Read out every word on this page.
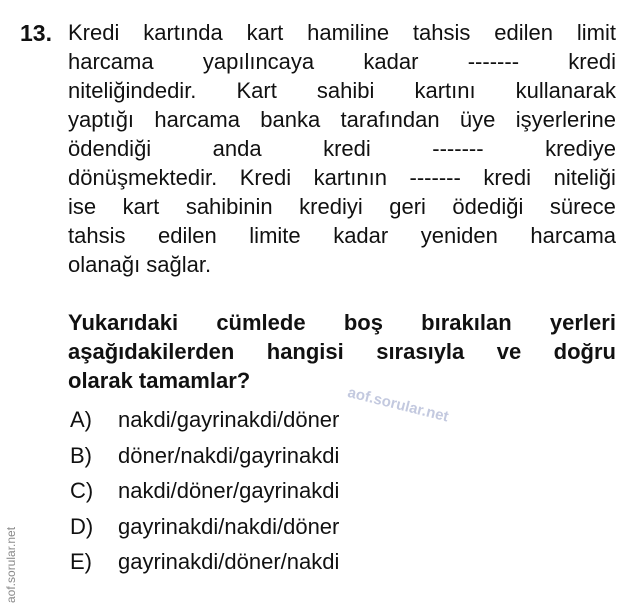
13. Kredi kartında kart hamiline tahsis edilen limit
harcama yapılıncaya kadar ------- kredi
niteliğindedir. Kart sahibi kartını kullanarak
yaptığı harcama banka tarafından üye işyerlerine
ödendiği	anda	kredi	-------	krediye
dönüşmektedir. Kredi kartının ------- kredi niteliği
ise kart sahibinin krediyi geri ödediği sürece
tahsis edilen limite kadar yeniden harcama
olanağı sağlar.
Yukarıdaki cümlede boş bırakılan yerleri
aşağıdakilerden hangisi sırasıyla ve doğru
olarak tamamlar?
A)	nakdi/gayrinakdi/döner
B)	döner/nakdi/gayrinakdi
C)	nakdi/döner/gayrinakdi
D)	gayrinakdi/nakdi/döner
E)	gayrinakdi/döner/nakdi
aof.sorular.net
aof.sorular.net
